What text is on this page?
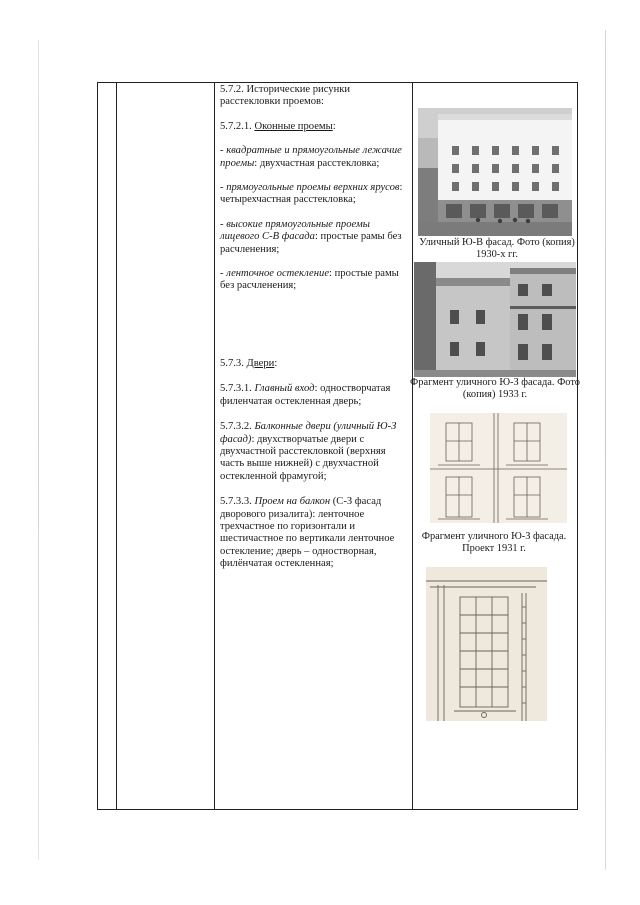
5.7.2. Исторические рисунки расстекловки проемов:

5.7.2.1. Оконные проемы:

- квадратные и прямоугольные лежачие проемы: двухчастная расстекловка;

- прямоугольные проемы верхних ярусов: четырехчастная расстекловка;

- высокие прямоугольные проемы лицевого С-В фасада: простые рамы без расчленения;

- ленточное остекление: простые рамы без расчленения;

5.7.3. Двери:

5.7.3.1. Главный вход: одностворчатая филенчатая остекленная дверь;

5.7.3.2. Балконные двери (уличный Ю-З фасад): двухстворчатые двери с двухчастной расстекловкой (верхняя часть выше нижней) с двухчастной остекленной фрамугой;

5.7.3.3. Проем на балкон (С-З фасад дворового ризалита): ленточное трехчастное по горизонтали и шестичастное по вертикали ленточное остекление; дверь – одностворная, филёнчатая остекленная;

Уличный Ю-В фасад. Фото (копия) 1930-х гг.
Фрагмент уличного Ю-З фасада. Фото (копия) 1933 г.
Фрагмент уличного Ю-З фасада. Проект 1931 г.
